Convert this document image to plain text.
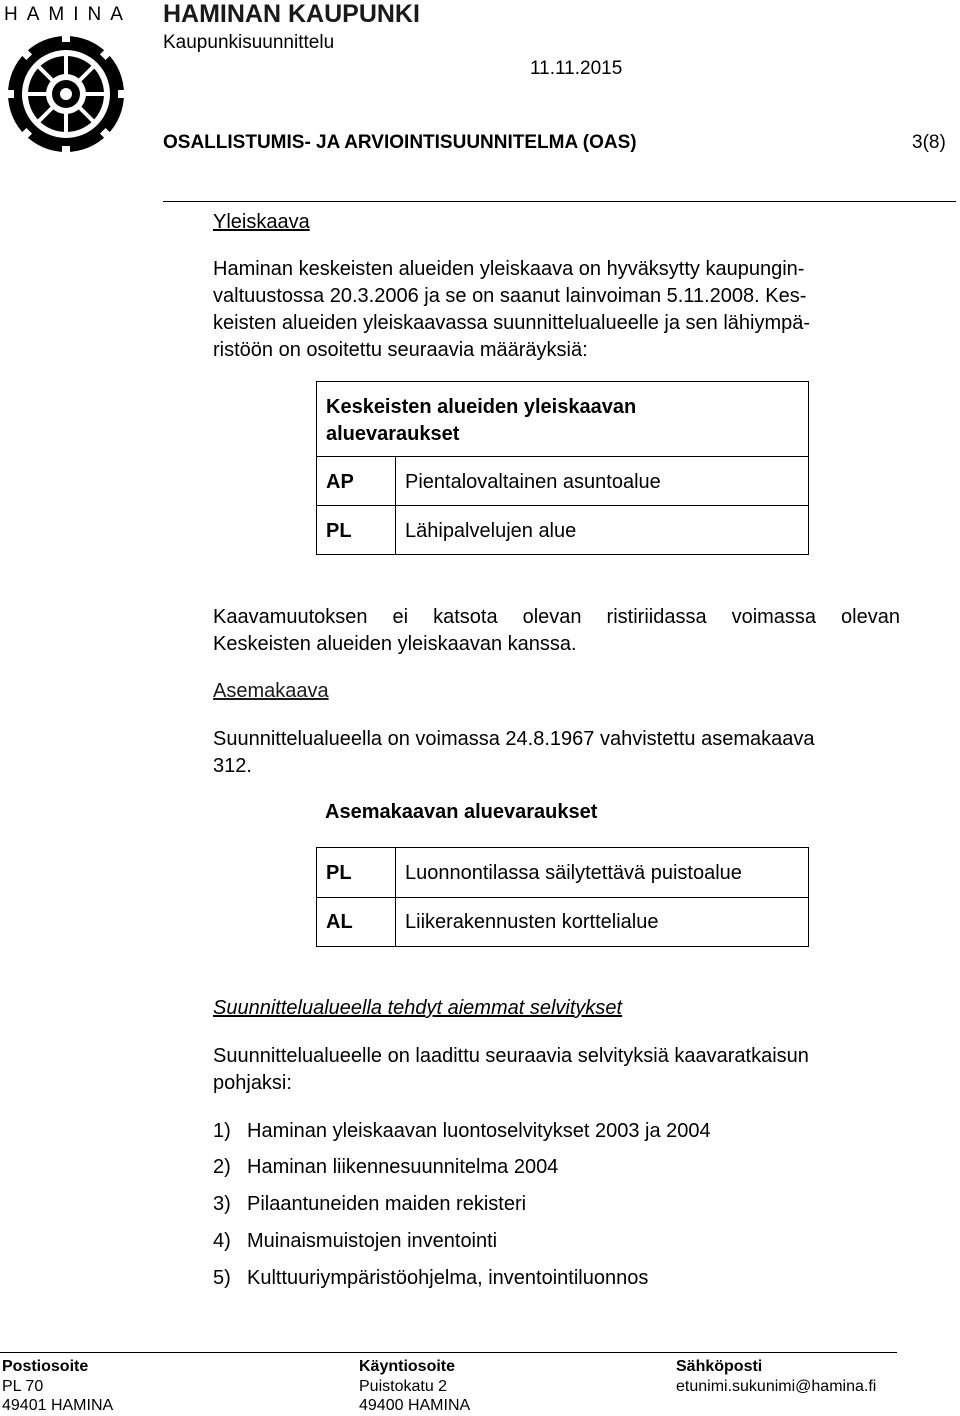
HAMINA HAMINAN KAUPUNKI
Kaupunkisuunnittelu
11.11.2015
OSALLISTUMIS- JA ARVIOINTISUUNNITELMA (OAS)	3(8)
Yleiskaava
Haminan keskeisten alueiden yleiskaava on hyväksytty kaupungin-
valtuustossa 20.3.2006 ja se on saanut lainvoiman 5.11.2008. Kes-
keisten alueiden yleiskaavassa suunnittelualueelle ja sen lähiympä-
ristöön on osoitettu seuraavia määräyksiä:
Keskeisten alueiden yleiskaavan
aluevaraukset
AP	Pientalovaltainen asuntoalue
PL	Lähipalvelujen alue
Kaavamuutoksen ei katsota olevan ristiriidassa voimassa olevan
Keskeisten alueiden yleiskaavan kanssa.
Asemakaava
Suunnittelualueella on voimassa 24.8.1967 vahvistettu asemakaava
312.
Asemakaavan aluevaraukset
PL	Luonnontilassa säilytettävä puistoalue
AL	Liikerakennusten korttelialue
Suunnittelualueella tehdyt aiemmat selvitykset
Suunnittelualueelle on laadittu seuraavia selvityksiä kaavaratkaisun
pohjaksi:
1) Haminan yleiskaavan luontoselvitykset 2003 ja 2004
2) Haminan liikennesuunnitelma 2004
3) Pilaantuneiden maiden rekisteri
4) Muinaismuistojen inventointi
5) Kulttuuriympäristöohjelma, inventointiluonnos
Postiosoite
PL 70
49401 HAMINA
Käyntiosoite
Puistokatu 2
49400 HAMINA
Sähköposti
etunimi.sukunimi@hamina.fi
